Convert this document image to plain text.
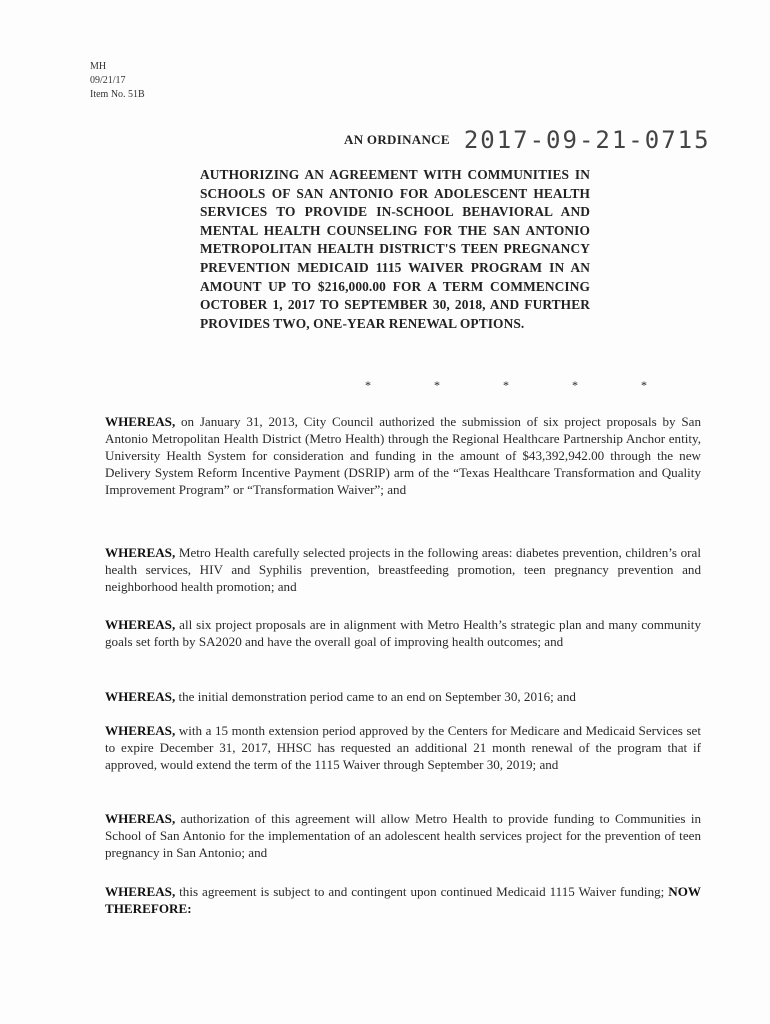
MH
09/21/17
Item No. 51B
AN ORDINANCE 2017-09-21-0715
AUTHORIZING AN AGREEMENT WITH COMMUNITIES IN SCHOOLS OF SAN ANTONIO FOR ADOLESCENT HEALTH SERVICES TO PROVIDE IN-SCHOOL BEHAVIORAL AND MENTAL HEALTH COUNSELING FOR THE SAN ANTONIO METROPOLITAN HEALTH DISTRICT'S TEEN PREGNANCY PREVENTION MEDICAID 1115 WAIVER PROGRAM IN AN AMOUNT UP TO $216,000.00 FOR A TERM COMMENCING OCTOBER 1, 2017 TO SEPTEMBER 30, 2018, AND FURTHER PROVIDES TWO, ONE-YEAR RENEWAL OPTIONS.
* * * * *
WHEREAS, on January 31, 2013, City Council authorized the submission of six project proposals by San Antonio Metropolitan Health District (Metro Health) through the Regional Healthcare Partnership Anchor entity, University Health System for consideration and funding in the amount of $43,392,942.00 through the new Delivery System Reform Incentive Payment (DSRIP) arm of the “Texas Healthcare Transformation and Quality Improvement Program” or “Transformation Waiver”; and
WHEREAS, Metro Health carefully selected projects in the following areas: diabetes prevention, children’s oral health services, HIV and Syphilis prevention, breastfeeding promotion, teen pregnancy prevention and neighborhood health promotion; and
WHEREAS, all six project proposals are in alignment with Metro Health’s strategic plan and many community goals set forth by SA2020 and have the overall goal of improving health outcomes; and
WHEREAS, the initial demonstration period came to an end on September 30, 2016; and
WHEREAS, with a 15 month extension period approved by the Centers for Medicare and Medicaid Services set to expire December 31, 2017, HHSC has requested an additional 21 month renewal of the program that if approved, would extend the term of the 1115 Waiver through September 30, 2019; and
WHEREAS, authorization of this agreement will allow Metro Health to provide funding to Communities in School of San Antonio for the implementation of an adolescent health services project for the prevention of teen pregnancy in San Antonio; and
WHEREAS, this agreement is subject to and contingent upon continued Medicaid 1115 Waiver funding; NOW THEREFORE:
